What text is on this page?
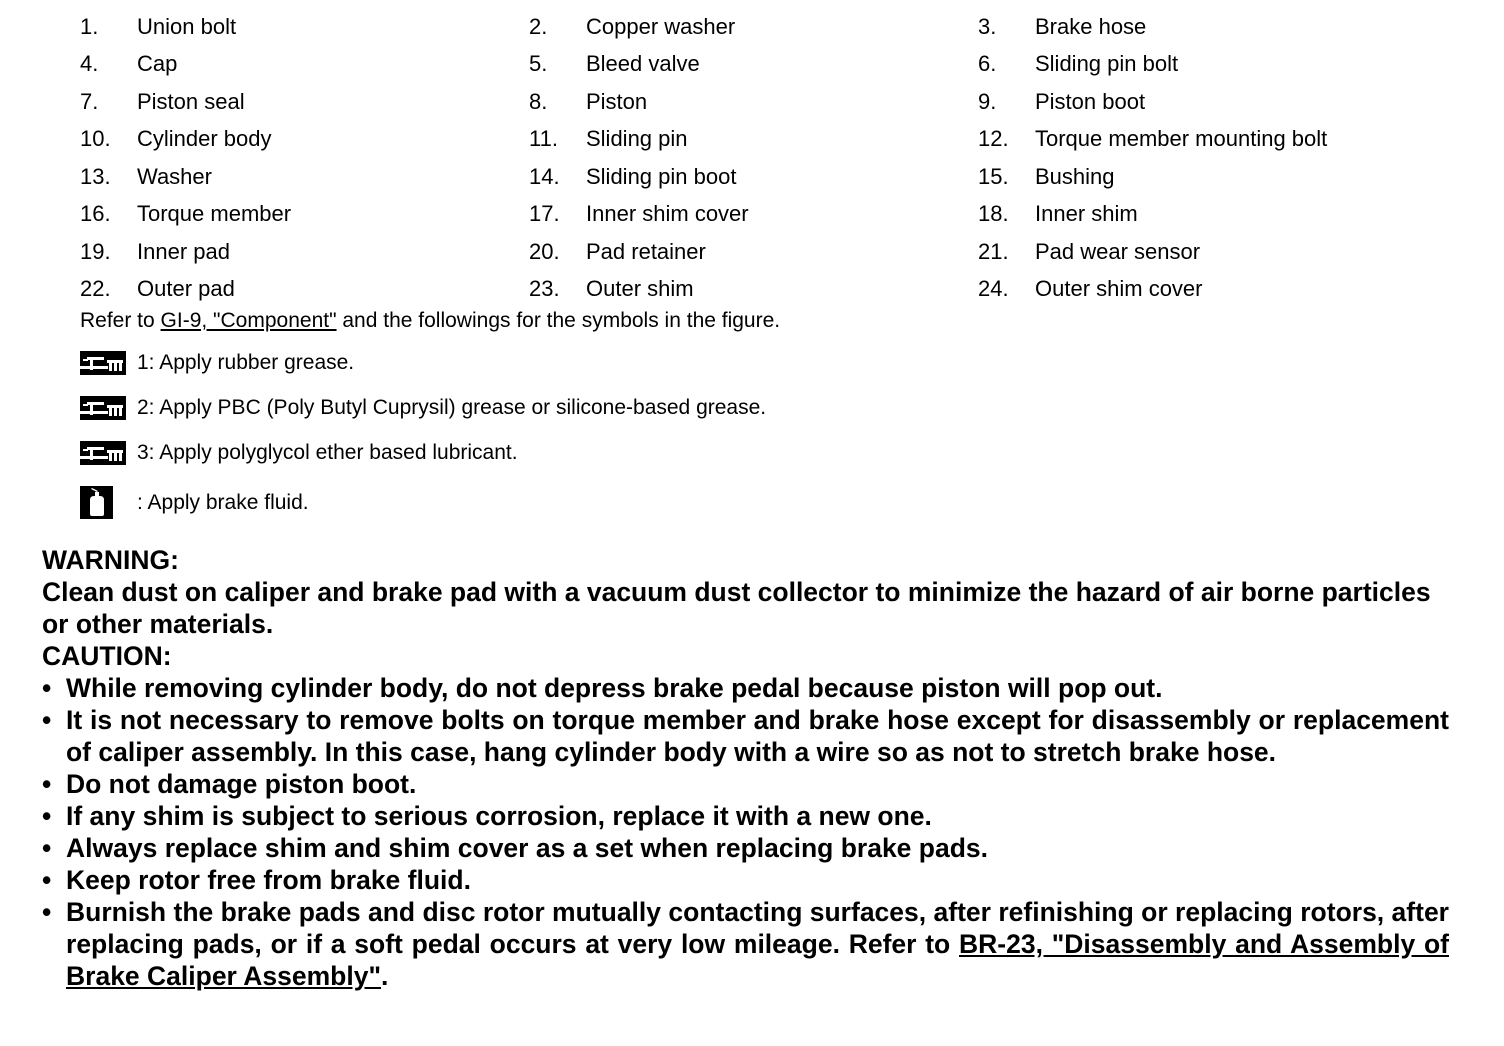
1.	Union bolt	2.	Copper washer	3.	Brake hose
4.	Cap	5.	Bleed valve	6.	Sliding pin bolt
7.	Piston seal	8.	Piston	9.	Piston boot
10.	Cylinder body	11.	Sliding pin	12.	Torque member mounting bolt
13.	Washer	14.	Sliding pin boot	15.	Bushing
16.	Torque member	17.	Inner shim cover	18.	Inner shim
19.	Inner pad	20.	Pad retainer	21.	Pad wear sensor
22.	Outer pad	23.	Outer shim	24.	Outer shim cover
Refer to GI-9, "Component" and the followings for the symbols in the figure.
1: Apply rubber grease.
2: Apply PBC (Poly Butyl Cuprysil) grease or silicone-based grease.
3: Apply polyglycol ether based lubricant.
: Apply brake fluid.
WARNING:

Clean dust on caliper and brake pad with a vacuum dust collector to minimize the hazard of air borne particles or other materials.

CAUTION:
• While removing cylinder body, do not depress brake pedal because piston will pop out.
• It is not necessary to remove bolts on torque member and brake hose except for disassembly or replacement of caliper assembly. In this case, hang cylinder body with a wire so as not to stretch brake hose.
• Do not damage piston boot.
• If any shim is subject to serious corrosion, replace it with a new one.
• Always replace shim and shim cover as a set when replacing brake pads.
• Keep rotor free from brake fluid.
• Burnish the brake pads and disc rotor mutually contacting surfaces, after refinishing or replacing rotors, after replacing pads, or if a soft pedal occurs at very low mileage. Refer to BR-23, "Disassembly and Assembly of Brake Caliper Assembly".
